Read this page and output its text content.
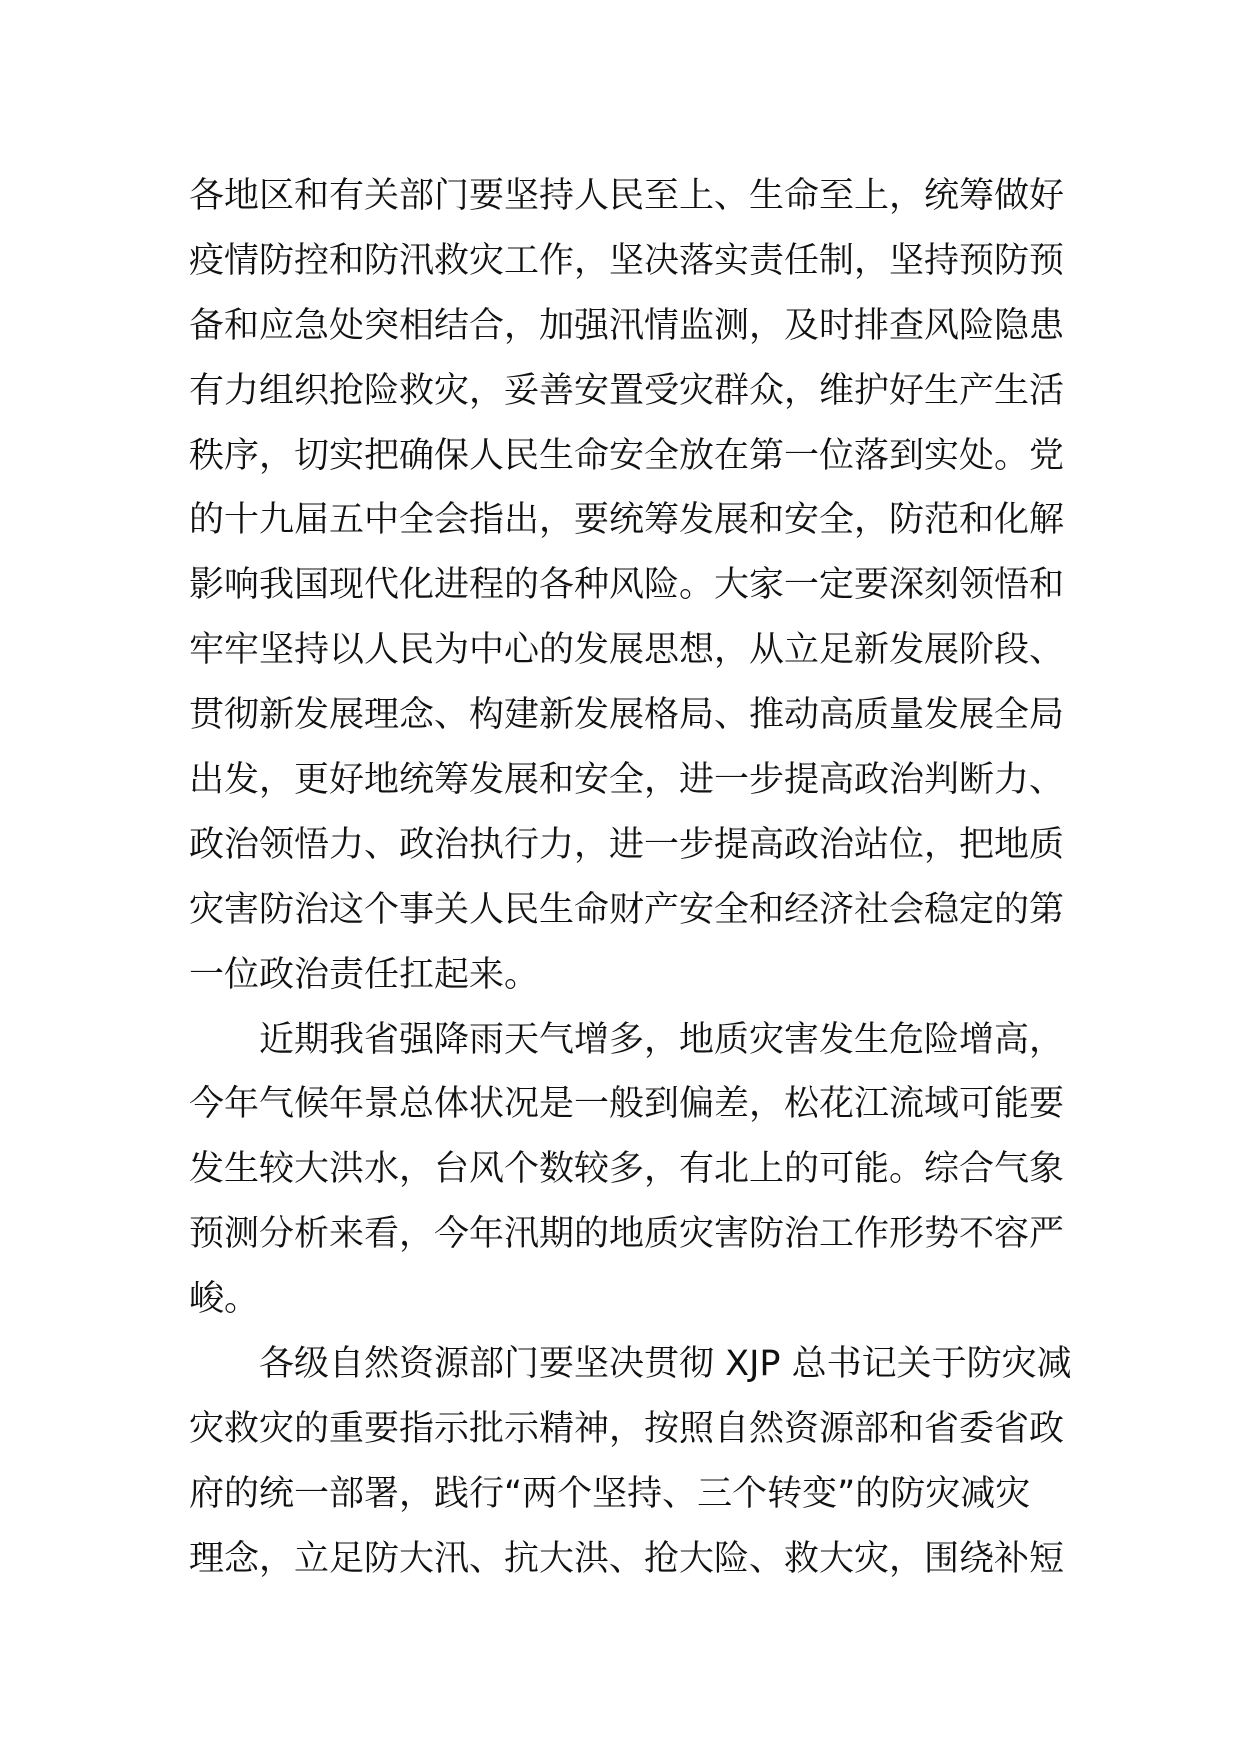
各地区和有关部门要坚持人民至上、生命至上，统筹做好
疫情防控和防汛救灾工作，坚决落实责任制，坚持预防预
备和应急处突相结合，加强汛情监测，及时排查风险隐患
有力组织抢险救灾，妥善安置受灾群众，维护好生产生活
秩序，切实把确保人民生命安全放在第一位落到实处。党
的十九届五中全会指出，要统筹发展和安全，防范和化解
影响我国现代化进程的各种风险。大家一定要深刻领悟和
牢牢坚持以人民为中心的发展思想，从立足新发展阶段、
贯彻新发展理念、构建新发展格局、推动高质量发展全局
出发，更好地统筹发展和安全，进一步提高政治判断力、
政治领悟力、政治执行力，进一步提高政治站位，把地质
灾害防治这个事关人民生命财产安全和经济社会稳定的第
一位政治责任扛起来。
　　近期我省强降雨天气增多，地质灾害发生危险增高，
今年气候年景总体状况是一般到偏差，松花江流域可能要
发生较大洪水，台风个数较多，有北上的可能。综合气象
预测分析来看，今年汛期的地质灾害防治工作形势不容严
峻。
　　各级自然资源部门要坚决贯彻 XJP 总书记关于防灾减
灾救灾的重要指示批示精神，按照自然资源部和省委省政
府的统一部署，践行“两个坚持、三个转变”的防灾减灾
理念，立足防大汛、抗大洪、抢大险、救大灾，围绕补短
